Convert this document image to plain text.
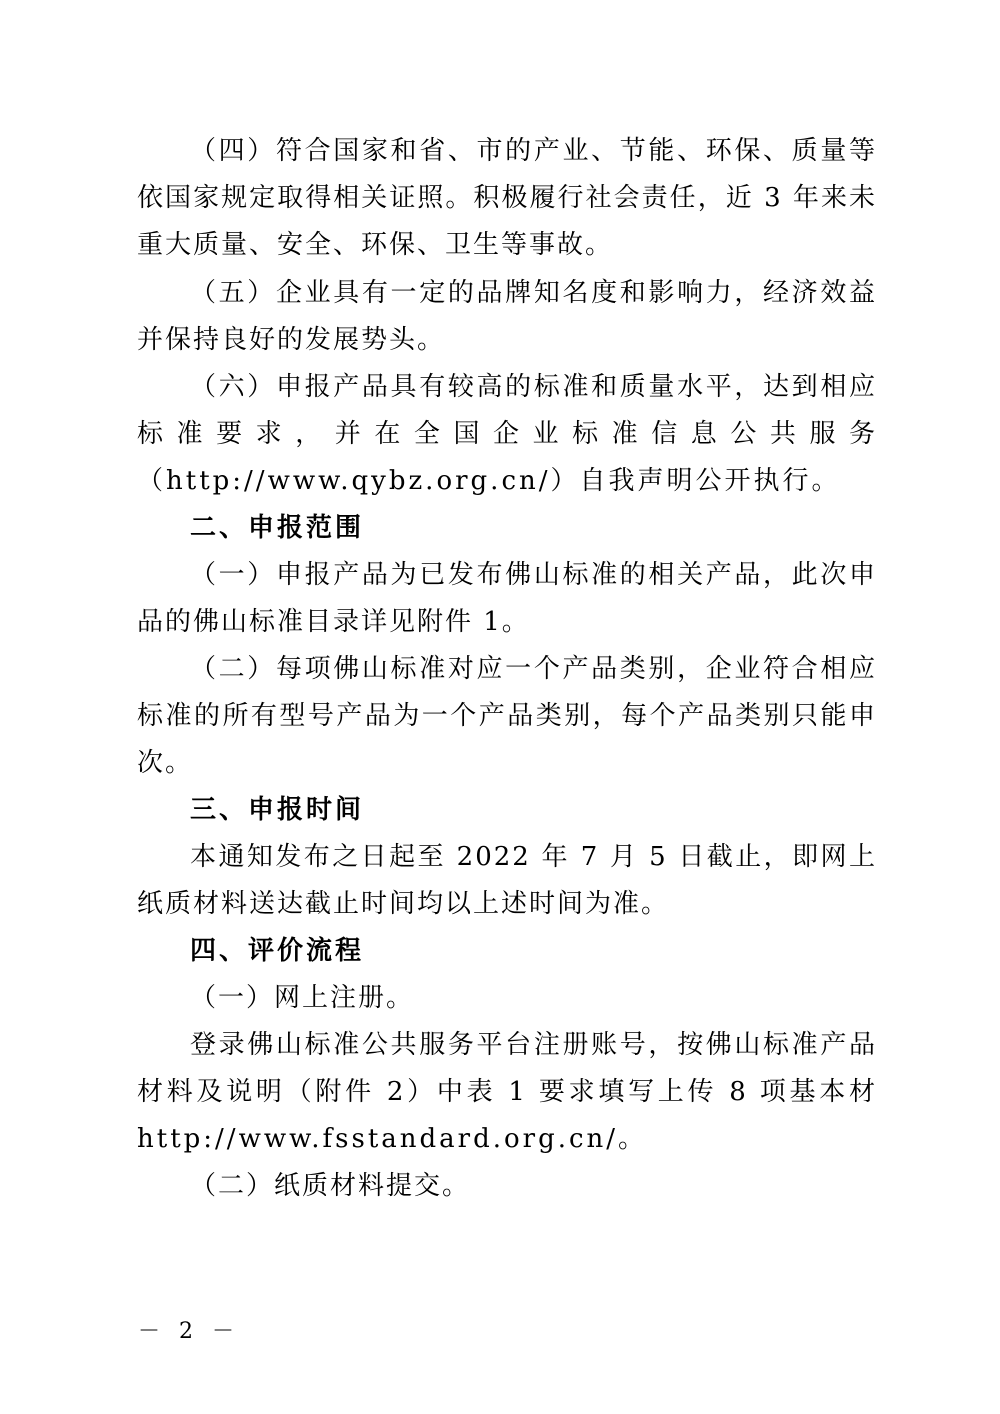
（四）符合国家和省、市的产业、节能、环保、质量等
依国家规定取得相关证照。积极履行社会责任，近 3 年来未
重大质量、安全、环保、卫生等事故。
（五）企业具有一定的品牌知名度和影响力，经济效益
并保持良好的发展势头。
（六）申报产品具有较高的标准和质量水平，达到相应
标 准 要 求 ， 并 在 全 国 企 业 标 准 信 息 公 共 服 务
（http://www.qybz.org.cn/）自我声明公开执行。
二、申报范围
（一）申报产品为已发布佛山标准的相关产品，此次申
品的佛山标准目录详见附件 1。
（二）每项佛山标准对应一个产品类别，企业符合相应
标准的所有型号产品为一个产品类别，每个产品类别只能申
次。
三、申报时间
本通知发布之日起至 2022 年 7 月 5 日截止，即网上
纸质材料送达截止时间均以上述时间为准。
四、评价流程
（一）网上注册。
登录佛山标准公共服务平台注册账号，按佛山标准产品
材料及说明（附件 2）中表 1 要求填写上传 8 项基本材
http://www.fsstandard.org.cn/。
（二）纸质材料提交。
－ 2 －
